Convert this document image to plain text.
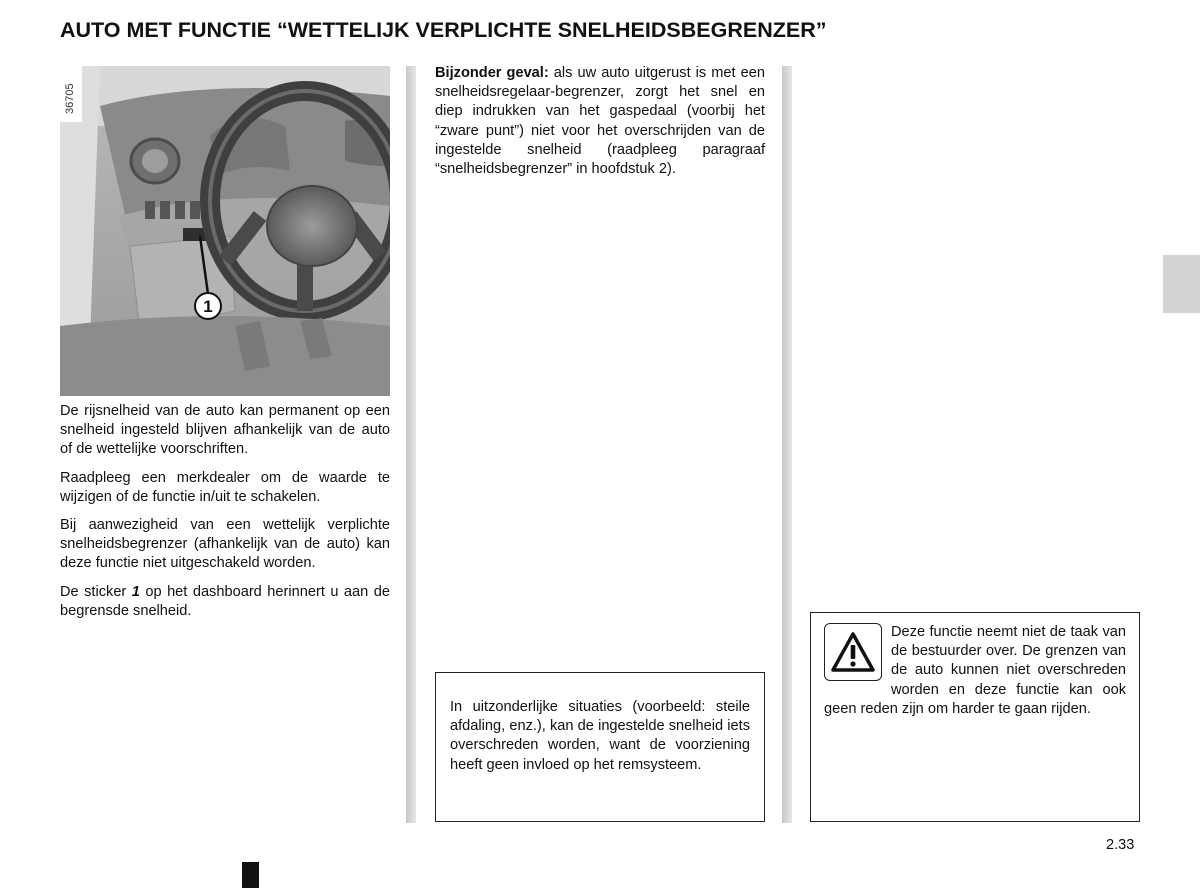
AUTO MET FUNCTIE “WETTELIJK VERPLICHTE SNELHEIDSBEGRENZER”
1
36705

De rijsnelheid van de auto kan permanent op een snelheid ingesteld blijven afhankelijk van de auto of de wettelijke voorschriften.

Raadpleeg een merkdealer om de waarde te wijzigen of de functie in/uit te schakelen.

Bij aanwezigheid van een wettelijk verplichte snelheidsbegrenzer (afhankelijk van de auto) kan deze functie niet uitgeschakeld worden.

De sticker 1 op het dashboard herinnert u aan de begrensde snelheid.

Bijzonder geval: als uw auto uitgerust is met een snelheidsregelaar-begrenzer, zorgt het snel en diep indrukken van het gaspedaal (voorbij het “zware punt”) niet voor het overschrijden van de ingestelde snelheid (raadpleeg paragraaf “snelheidsbegrenzer” in hoofdstuk 2).

In uitzonderlijke situaties (voorbeeld: steile afdaling, enz.), kan de ingestelde snelheid iets overschreden worden, want de voorziening heeft geen invloed op het remsysteem.

Deze functie neemt niet de taak van de bestuurder over. De grenzen van de auto kunnen niet overschreden worden en deze functie kan ook geen reden zijn om harder te gaan rijden.

2.33
